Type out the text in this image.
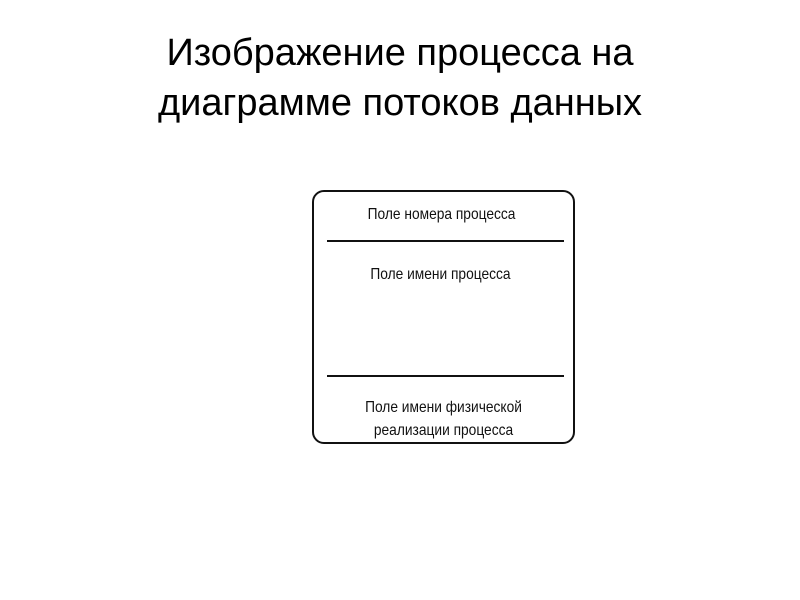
Изображение процесса на
диаграмме потоков данных
Поле номера процесса
Поле имени процесса
Поле имени физической
реализации процесса
